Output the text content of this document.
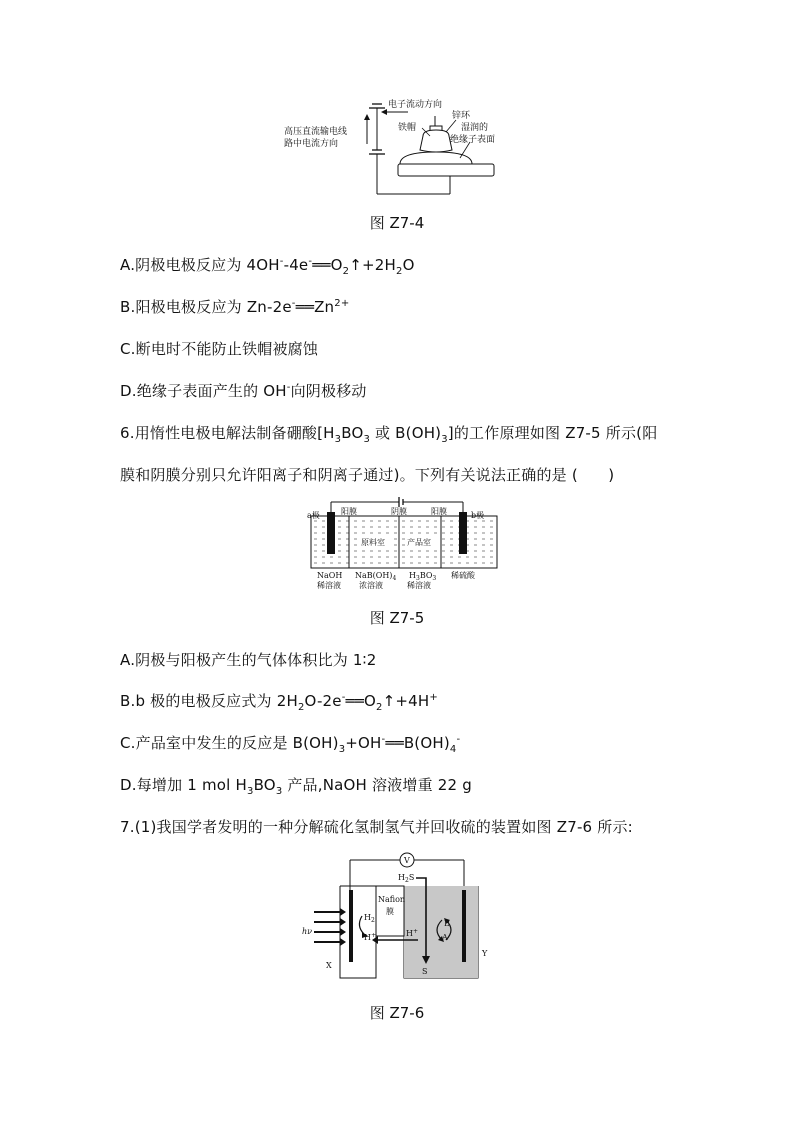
电子流动方向
高压直流输电线
路中电流方向
铁帽
锌环
湿润的
绝缘子表面
图 Z7-4
A.阴极电极反应为 $4OH^--4e^-══O_2↑+2H_2O$
B.阳极电极反应为 $Zn-2e^-══Zn^{2+}$
C.断电时不能防止铁帽被腐蚀
D.绝缘子表面产生的 OH-向阴极移动
6.用惰性电极电解法制备硼酸[$H_3BO_3$ 或 $B(OH)_3$]的工作原理如图 Z7-5 所示(阳
膜和阴膜分别只允许阳离子和阴离子通过)。下列有关说法正确的是 (　　)
a极	b极
阳膜	阴膜	阳膜
原料室	产品室
NaOH
稀溶液
$NaB(OH)_4$
浓溶液
$H_3BO_3$
稀溶液
稀硫酸
图 Z7-5
A.阴极与阳极产生的气体体积比为 1∶2
B.b 极的电极反应式为 $2H_2O-2e^-══O_2↑+4H^+$
C.产品室中发生的反应是 $B(OH)_3+OH^-══B(OH)_4^-$
D.每增加 1 mol $H_3BO_3$ 产品,NaOH 溶液增重 22 g
7.(1)我国学者发明的一种分解硫化氢制氢气并回收硫的装置如图 Z7-6 所示:
V
$H_2S$
Nafion
膜
$H_2$
H+	H+
hν
X
Y
S
B
A
图 Z7-6
